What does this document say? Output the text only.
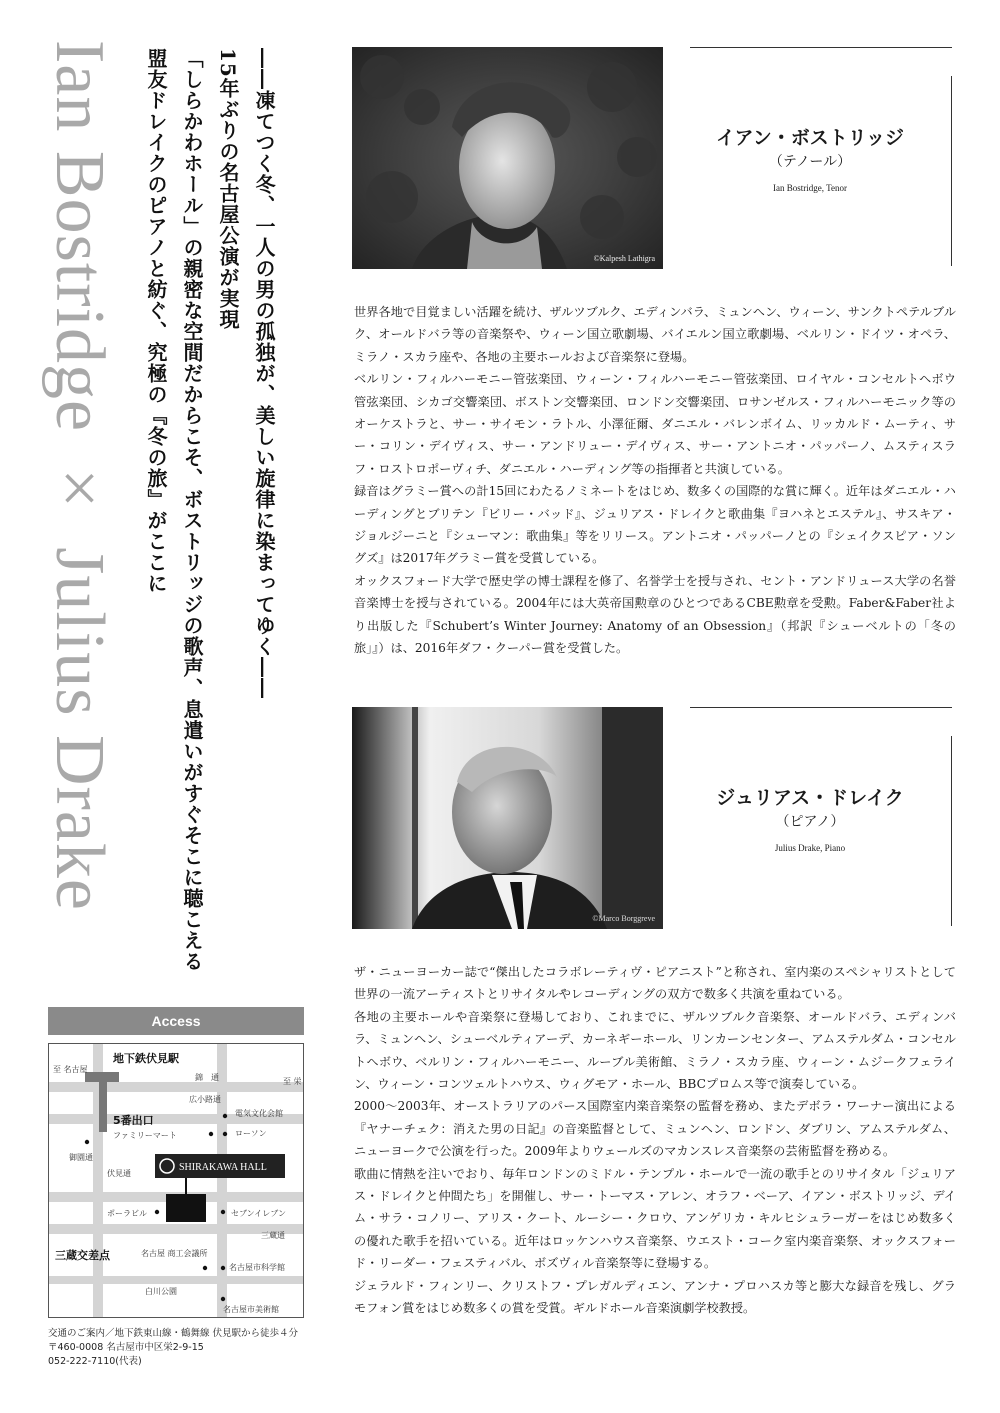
Ian Bostridge × Julius Drake	――凍てつく冬、一人の男の孤独が、美しい旋律に染まってゆく――
15年ぶりの名古屋公演が実現
「しらかわホール」の親密な空間だからこそ、ボストリッジの歌声、息遣いがすぐそこに聴こえる
盟友ドレイクのピアノと紡ぐ、究極の『冬の旅』がここに	©Kalpesh Lathigra
イアン・ボストリッジ
（テノール）
Ian Bostridge, Tenor

世界各地で目覚ましい活躍を続け、ザルツブルク、エディンバラ、ミュンヘン、ウィーン、サンクトペテルブルク、オールドバラ等の音楽祭や、ウィーン国立歌劇場、バイエルン国立歌劇場、ベルリン・ドイツ・オペラ、ミラノ・スカラ座や、各地の主要ホールおよび音楽祭に登場。

ベルリン・フィルハーモニー管弦楽団、ウィーン・フィルハーモニー管弦楽団、ロイヤル・コンセルトヘボウ管弦楽団、シカゴ交響楽団、ボストン交響楽団、ロンドン交響楽団、ロサンゼルス・フィルハーモニック等のオーケストラと、サー・サイモン・ラトル、小澤征爾、ダニエル・バレンボイム、リッカルド・ムーティ、サー・コリン・デイヴィス、サー・アンドリュー・デイヴィス、サー・アントニオ・パッパーノ、ムスティスラフ・ロストロポーヴィチ、ダニエル・ハーディング等の指揮者と共演している。

録音はグラミー賞への計15回にわたるノミネートをはじめ、数多くの国際的な賞に輝く。近年はダニエル・ハーディングとブリテン『ビリー・バッド』、ジュリアス・ドレイクと歌曲集『ヨハネとエステル』、サスキア・ジョルジーニと『シューマン：歌曲集』等をリリース。アントニオ・パッパーノとの『シェイクスピア・ソングズ』は2017年グラミー賞を受賞している。

オックスフォード大学で歴史学の博士課程を修了、名誉学士を授与され、セント・アンドリュース大学の名誉音楽博士を授与されている。2004年には大英帝国勲章のひとつであるCBE勲章を受勲。Faber&Faber社より出版した『Schubert’s Winter Journey: Anatomy of an Obsession』（邦訳『シューベルトの「冬の旅」』）は、2016年ダフ・クーパー賞を受賞した。

©Marco Borggreve
ジュリアス・ドレイク
（ピアノ）
Julius Drake, Piano

ザ・ニューヨーカー誌で“傑出したコラボレーティヴ・ピアニスト”と称され、室内楽のスペシャリストとして世界の一流アーティストとリサイタルやレコーディングの双方で数多く共演を重ねている。

各地の主要ホールや音楽祭に登場しており、これまでに、ザルツブルク音楽祭、オールドバラ、エディンバラ、ミュンヘン、シューベルティアーデ、カーネギーホール、リンカーンセンター、アムステルダム・コンセルトヘボウ、ベルリン・フィルハーモニー、ルーブル美術館、ミラノ・スカラ座、ウィーン・ムジークフェライン、ウィーン・コンツェルトハウス、ウィグモア・ホール、BBCプロムス等で演奏している。

2000〜2003年、オーストラリアのパース国際室内楽音楽祭の監督を務め、またデボラ・ワーナー演出による『ヤナーチェク：消えた男の日記』の音楽監督として、ミュンヘン、ロンドン、ダブリン、アムステルダム、ニューヨークで公演を行った。2009年よりウェールズのマカンスレス音楽祭の芸術監督を務める。

歌曲に情熱を注いでおり、毎年ロンドンのミドル・テンプル・ホールで一流の歌手とのリサイタル「ジュリアス・ドレイクと仲間たち」を開催し、サー・トーマス・アレン、オラフ・ベーア、イアン・ボストリッジ、デイム・サラ・コノリー、アリス・クート、ルーシー・クロウ、アンゲリカ・キルヒシュラーガーをはじめ数多くの優れた歌手を招いている。近年はロッケンハウス音楽祭、ウエスト・コーク室内楽音楽祭、オックスフォード・リーダー・フェスティバル、ボズヴィル音楽祭等に登場する。

ジェラルド・フィンリー、クリストフ・プレガルディエン、アンナ・プロハスカ等と膨大な録音を残し、グラモフォン賞をはじめ数多くの賞を受賞。ギルドホール音楽演劇学校教授。

Access
地下鉄伏見駅
5番出口
至 名古屋
至 栄
錦　通
広小路通
電気文化会館
ローソン
ファミリーマート
御園通
伏見通
SHIRAKAWA HALL
ポーラビル	セブンイレブン
三蔵通
三蔵交差点	名古屋 商工会議所
名古屋市科学館
白川公園
名古屋市美術館
交通のご案内／地下鉄東山線・鶴舞線 伏見駅から徒歩４分
〒460-0008 名古屋市中区栄2-9-15
052-222-7110(代表)
